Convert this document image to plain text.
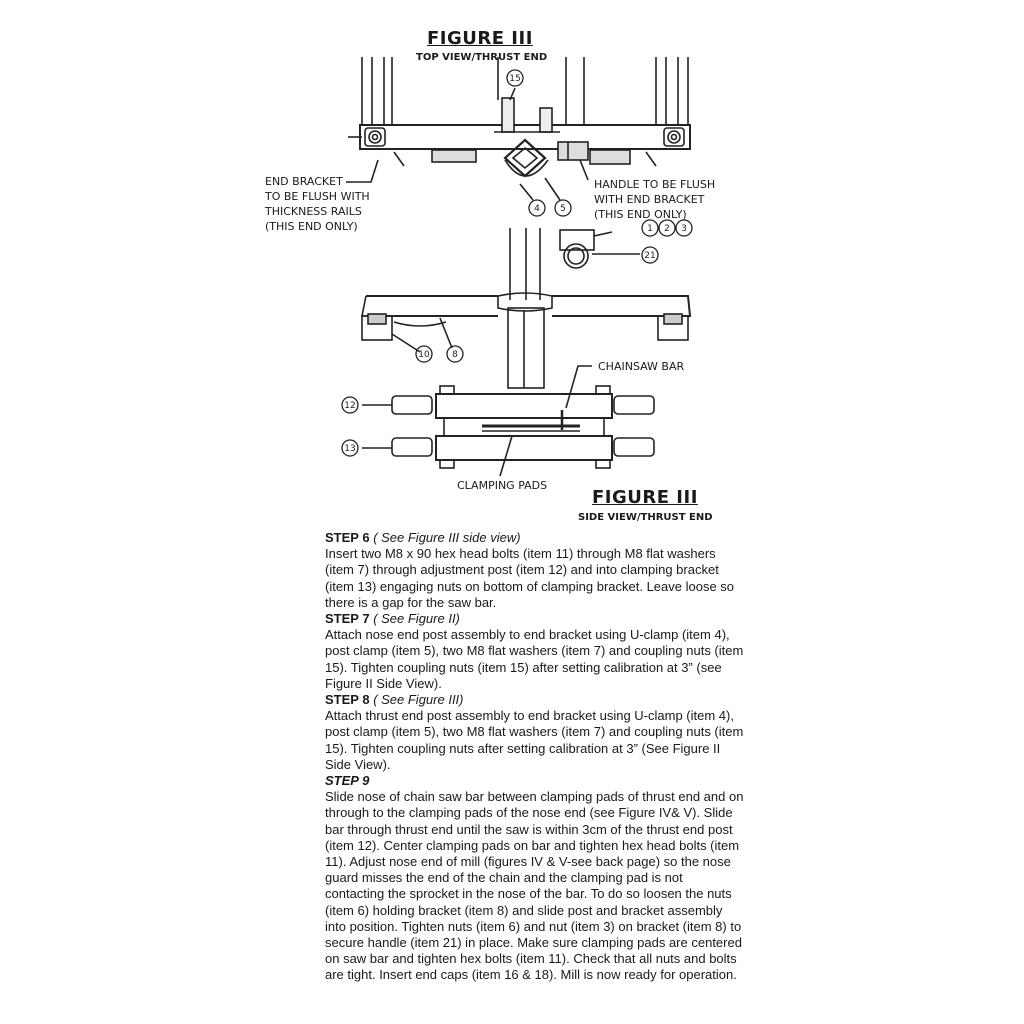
FIGURE III
TOP VIEW/THRUST END
FIGURE III
SIDE VIEW/THRUST END
15
4 5
1 2 3
21
10 8
12
13
END BRACKET
TO BE FLUSH WITH
THICKNESS RAILS
(THIS END ONLY)
HANDLE TO BE FLUSH
WITH END BRACKET
(THIS END ONLY)
CHAINSAW BAR
CLAMPING PADS

STEP 6 ( See Figure III side view)

Insert two M8 x 90 hex head bolts (item 11) through M8 flat washers (item 7) through adjustment post (item 12) and into clamping bracket (item 13) engaging nuts on bottom of clamping bracket. Leave loose so there is a gap for the saw bar.

STEP 7 ( See Figure II)

Attach nose end post assembly to end bracket using U-clamp (item 4), post clamp (item 5), two M8 flat washers (item 7) and coupling nuts (item 15). Tighten coupling nuts (item 15) after setting calibration at 3” (see Figure II Side View).

STEP 8 ( See Figure III)

Attach thrust end post assembly to end bracket using U-clamp (item 4), post clamp (item 5), two M8 flat washers (item 7) and coupling nuts (item 15). Tighten coupling nuts after setting calibration at 3” (See Figure II Side View).

STEP 9

Slide nose of chain saw bar between clamping pads of thrust end and on through to the clamping pads of the nose end (see Figure IV& V). Slide bar through thrust end until the saw is within 3cm of the thrust end post (item 12). Center clamping pads on bar and tighten hex head bolts (item 11). Adjust nose end of mill (figures IV & V-see back page) so the nose guard misses the end of the chain and the clamping pad is not contacting the sprocket in the nose of the bar. To do so loosen the nuts (item 6) holding bracket (item 8) and slide post and bracket assembly into position. Tighten nuts (item 6) and nut (item 3) on bracket (item 8) to secure handle (item 21) in place. Make sure clamping pads are centered on saw bar and tighten hex bolts (item 11). Check that all nuts and bolts are tight. Insert end caps (item 16 & 18). Mill is now ready for operation.
